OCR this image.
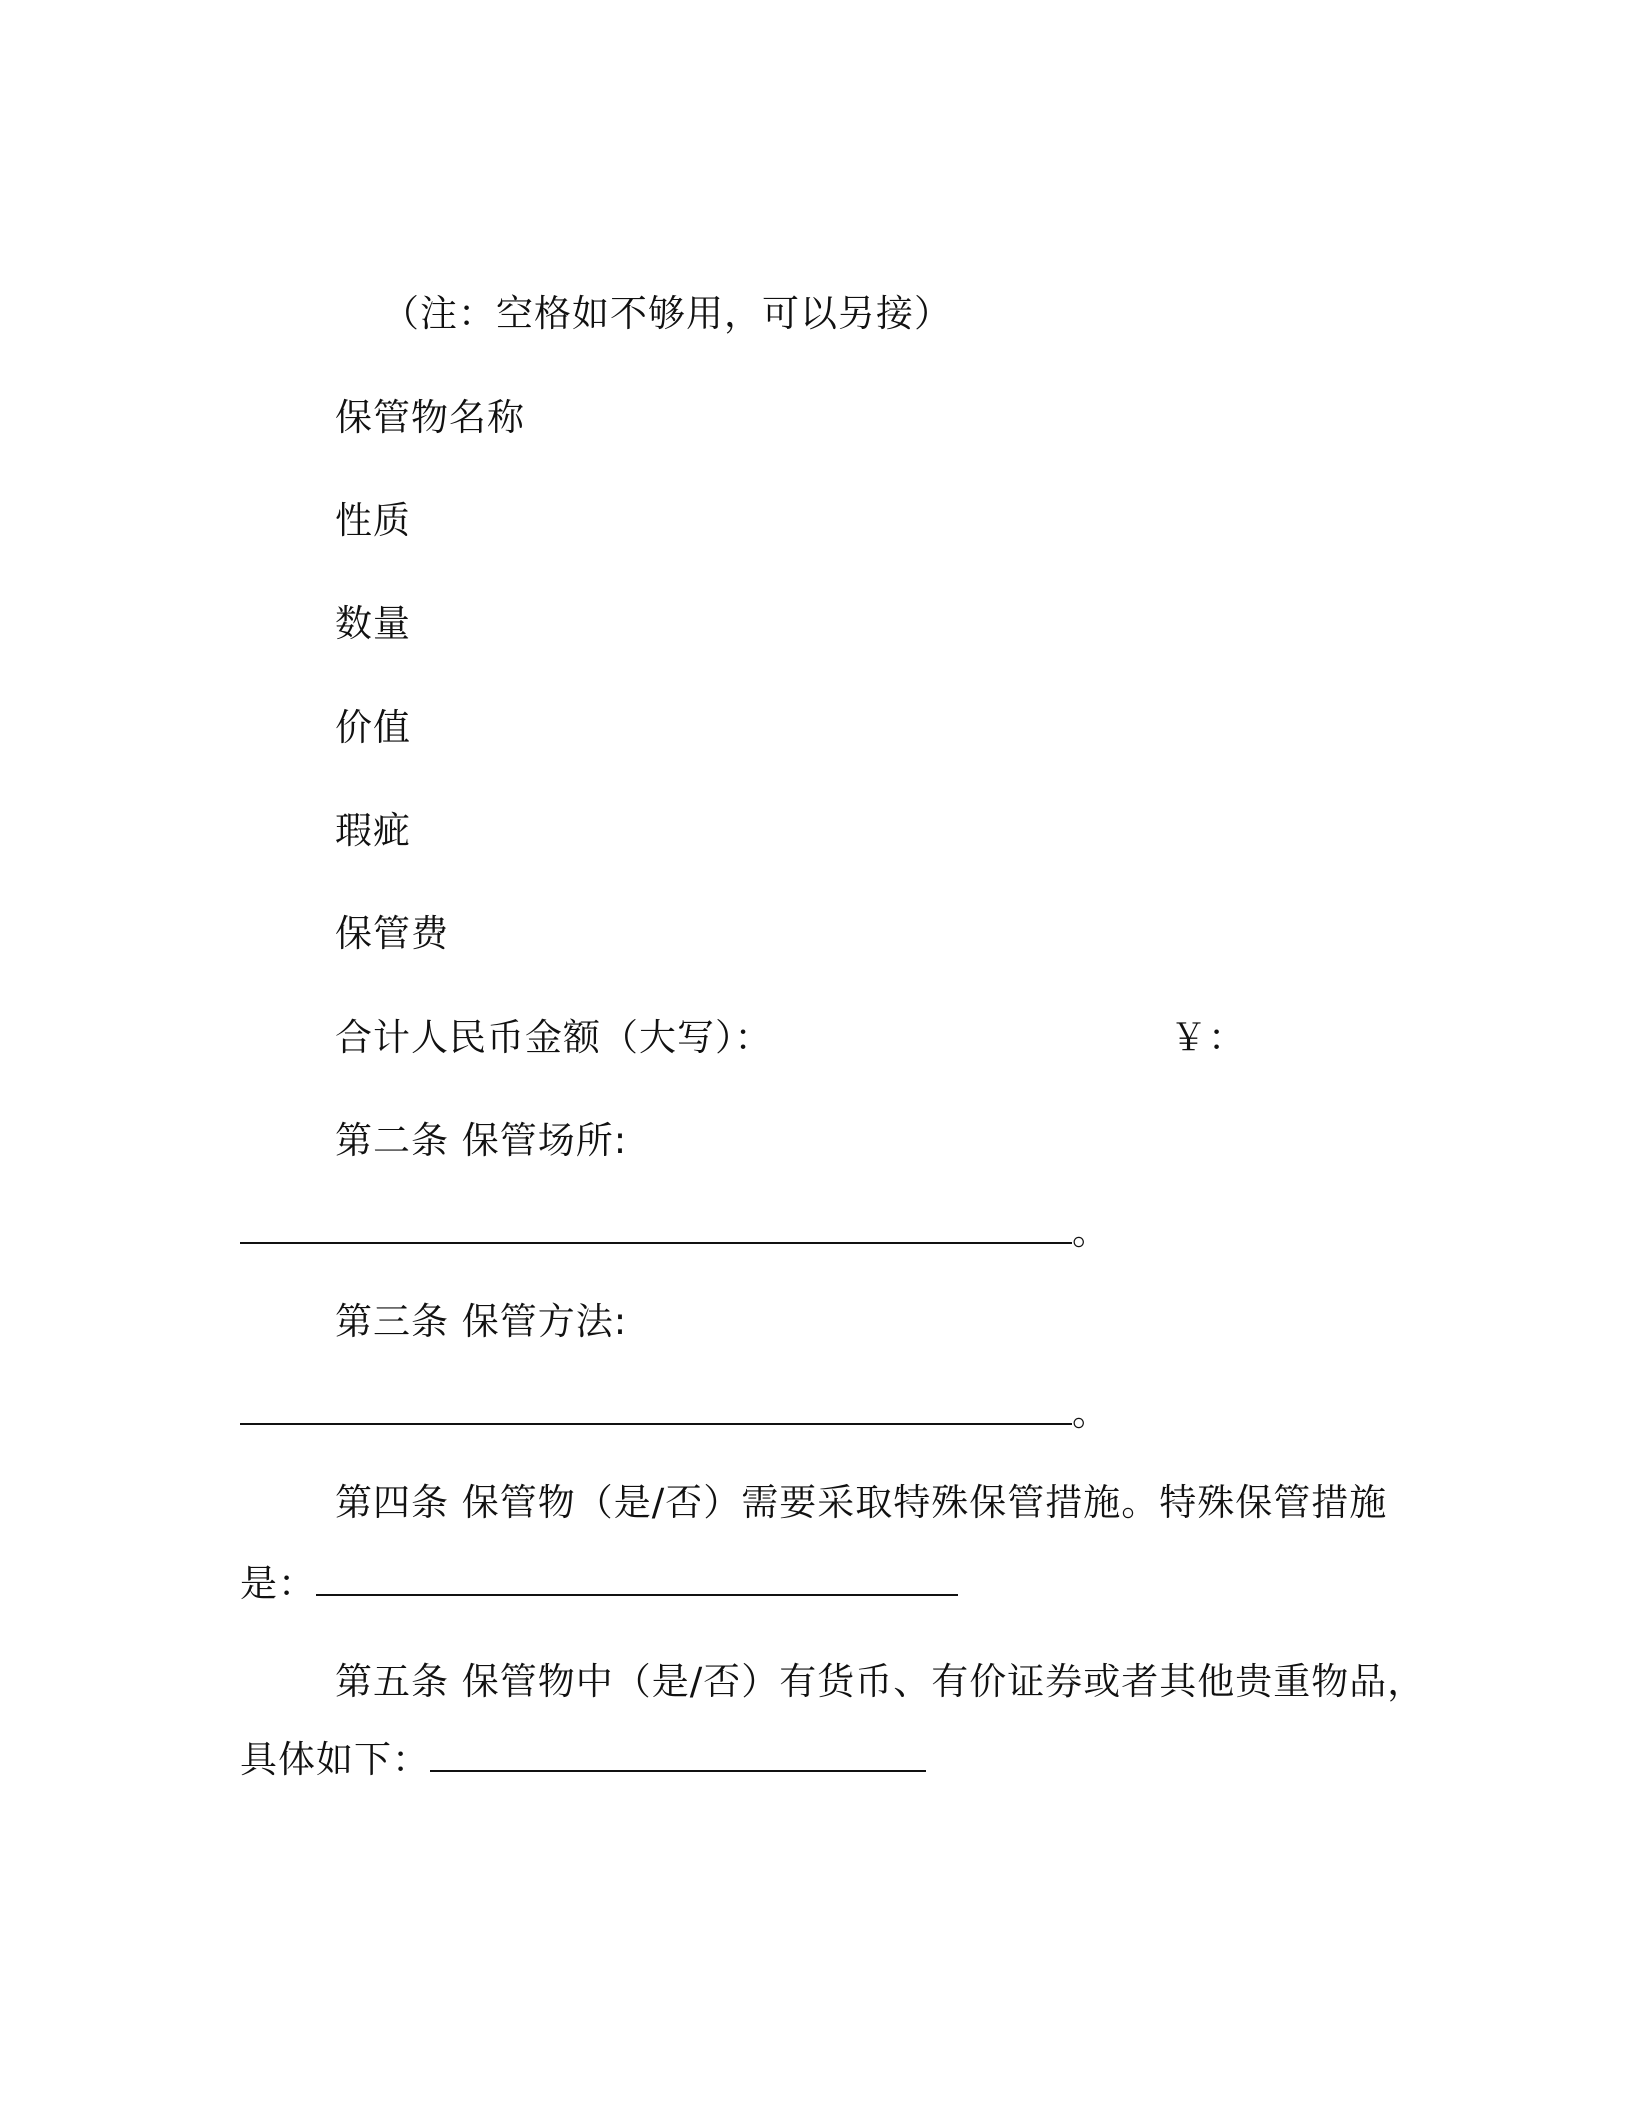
（注：空格如不够用，可以另接）
保管物名称
性质
数量
价值
瑕疵
保管费
合计人民币金额（大写）：	￥：
第二条 保管场所:
。
第三条 保管方法:
。
第四条 保管物（是/否）需要采取特殊保管措施。特殊保管措施
是：
第五条 保管物中（是/否）有货币、有价证券或者其他贵重物品，
具体如下：
